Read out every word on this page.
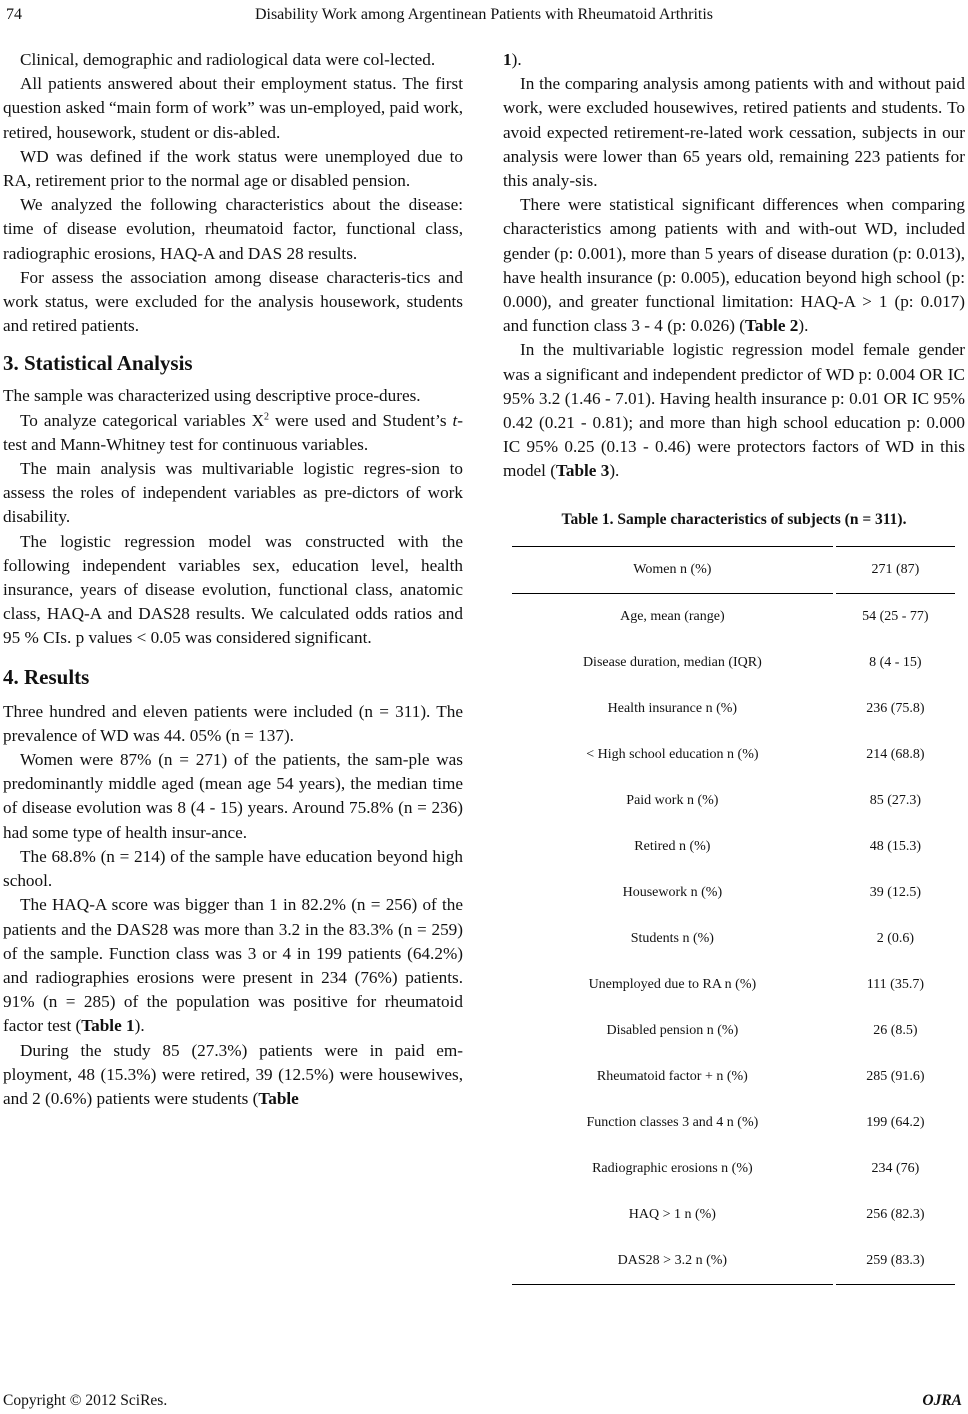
74	Disability Work among Argentinean Patients with Rheumatoid Arthritis

Clinical, demographic and radiological data were col-lected.

All patients answered about their employment status. The first question asked “main form of work” was un-employed, paid work, retired, housework, student or dis-abled.

WD was defined if the work status were unemployed due to RA, retirement prior to the normal age or disabled pension.

We analyzed the following characteristics about the disease: time of disease evolution, rheumatoid factor, functional class, radiographic erosions, HAQ-A and DAS 28 results.

For assess the association among disease characteris-tics and work status, were excluded for the analysis housework, students and retired patients.

3. Statistical Analysis

The sample was characterized using descriptive proce-dures.

To analyze categorical variables $X^2$ were used and Student’s t-test and Mann-Whitney test for continuous variables.

The main analysis was multivariable logistic regres-sion to assess the roles of independent variables as pre-dictors of work disability.

The logistic regression model was constructed with the following independent variables sex, education level, health insurance, years of disease evolution, functional class, anatomic class, HAQ-A and DAS28 results. We calculated odds ratios and 95 % CIs. p values < 0.05 was considered significant.

4. Results

Three hundred and eleven patients were included (n = 311). The prevalence of WD was 44. 05% (n = 137).

Women were 87% (n = 271) of the patients, the sam-ple was predominantly middle aged (mean age 54 years), the median time of disease evolution was 8 (4 - 15) years. Around 75.8% (n = 236) had some type of health insur-ance.

The 68.8% (n = 214) of the sample have education beyond high school.

The HAQ-A score was bigger than 1 in 82.2% (n = 256) of the patients and the DAS28 was more than 3.2 in the 83.3% (n = 259) of the sample. Function class was 3 or 4 in 199 patients (64.2%) and radiographies erosions were present in 234 (76%) patients. 91% (n = 285) of the population was positive for rheumatoid factor test (Table 1).

During the study 85 (27.3%) patients were in paid em-ployment, 48 (15.3%) were retired, 39 (12.5%) were housewives, and 2 (0.6%) patients were students (Table

1).

In the comparing analysis among patients with and without paid work, were excluded housewives, retired patients and students. To avoid expected retirement-re-lated work cessation, subjects in our analysis were lower than 65 years old, remaining 223 patients for this analy-sis.

There were statistical significant differences when comparing characteristics among patients with and with-out WD, included gender (p: 0.001), more than 5 years of disease duration (p: 0.013), have health insurance (p: 0.005), education beyond high school (p: 0.000), and greater functional limitation: HAQ-A > 1 (p: 0.017) and function class 3 - 4 (p: 0.026) (Table 2).

In the multivariable logistic regression model female gender was a significant and independent predictor of WD p: 0.004 OR IC 95% 3.2 (1.46 - 7.01). Having health insurance p: 0.01 OR IC 95% 0.42 (0.21 - 0.81); and more than high school education p: 0.000 IC 95% 0.25 (0.13 - 0.46) were protectors factors of WD in this model (Table 3).

Table 1. Sample characteristics of subjects (n = 311).
Women n (%)	271 (87)
Age, mean (range)	54 (25 - 77)
Disease duration, median (IQR)	8 (4 - 15)
Health insurance n (%)	236 (75.8)
< High school education n (%)	214 (68.8)
Paid work n (%)	85 (27.3)
Retired n (%)	48 (15.3)
Housework n (%)	39 (12.5)
Students n (%)	2 (0.6)
Unemployed due to RA n (%)	111 (35.7)
Disabled pension n (%)	26 (8.5)
Rheumatoid factor + n (%)	285 (91.6)
Function classes 3 and 4 n (%)	199 (64.2)
Radiographic erosions n (%)	234 (76)
HAQ > 1 n (%)	256 (82.3)
DAS28 > 3.2 n (%)	259 (83.3)
Copyright © 2012 SciRes.	OJRA
